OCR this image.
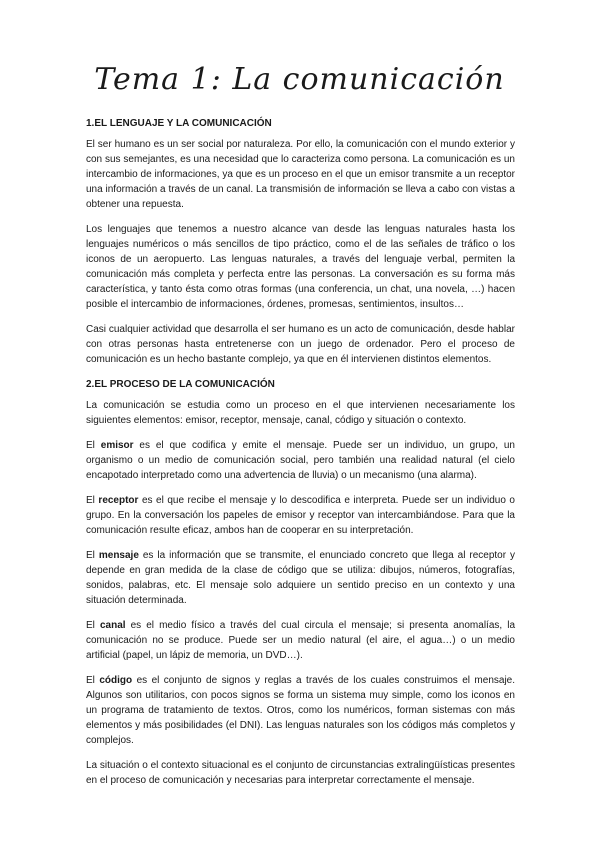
Tema 1: La comunicación

1.EL LENGUAJE Y LA COMUNICACIÓN

El ser humano es un ser social por naturaleza. Por ello, la comunicación con el mundo exterior y con sus semejantes, es una necesidad que lo caracteriza como persona. La comunicación es un intercambio de informaciones, ya que es un proceso en el que un emisor transmite a un receptor una información a través de un canal. La transmisión de información se lleva a cabo con vistas a obtener una repuesta.

Los lenguajes que tenemos a nuestro alcance van desde las lenguas naturales hasta los lenguajes numéricos o más sencillos de tipo práctico, como el de las señales de tráfico o los iconos de un aeropuerto. Las lenguas naturales, a través del lenguaje verbal, permiten la comunicación más completa y perfecta entre las personas. La conversación es su forma más característica, y tanto ésta como otras formas (una conferencia, un chat, una novela, …) hacen posible el intercambio de informaciones, órdenes, promesas, sentimientos, insultos…

Casi cualquier actividad que desarrolla el ser humano es un acto de comunicación, desde hablar con otras personas hasta entretenerse con un juego de ordenador. Pero el proceso de comunicación es un hecho bastante complejo, ya que en él intervienen distintos elementos.

2.EL PROCESO DE LA COMUNICACIÓN

La comunicación se estudia como un proceso en el que intervienen necesariamente los siguientes elementos: emisor, receptor, mensaje, canal, código y situación o contexto.

El emisor es el que codifica y emite el mensaje. Puede ser un individuo, un grupo, un organismo o un medio de comunicación social, pero también una realidad natural (el cielo encapotado interpretado como una advertencia de lluvia) o un mecanismo (una alarma).

El receptor es el que recibe el mensaje y lo descodifica e interpreta. Puede ser un individuo o grupo. En la conversación los papeles de emisor y receptor van intercambiándose. Para que la comunicación resulte eficaz, ambos han de cooperar en su interpretación.

El mensaje es la información que se transmite, el enunciado concreto que llega al receptor y depende en gran medida de la clase de código que se utiliza: dibujos, números, fotografías, sonidos, palabras, etc. El mensaje solo adquiere un sentido preciso en un contexto y una situación determinada.

El canal es el medio físico a través del cual circula el mensaje; si presenta anomalías, la comunicación no se produce. Puede ser un medio natural (el aire, el agua…) o un medio artificial (papel, un lápiz de memoria, un DVD…).

El código es el conjunto de signos y reglas a través de los cuales construimos el mensaje. Algunos son utilitarios, con pocos signos se forma un sistema muy simple, como los iconos en un programa de tratamiento de textos. Otros, como los numéricos, forman sistemas con más elementos y más posibilidades (el DNI). Las lenguas naturales son los códigos más completos y complejos.

La situación o el contexto situacional es el conjunto de circunstancias extralingüísticas presentes en el proceso de comunicación y necesarias para interpretar correctamente el mensaje.
